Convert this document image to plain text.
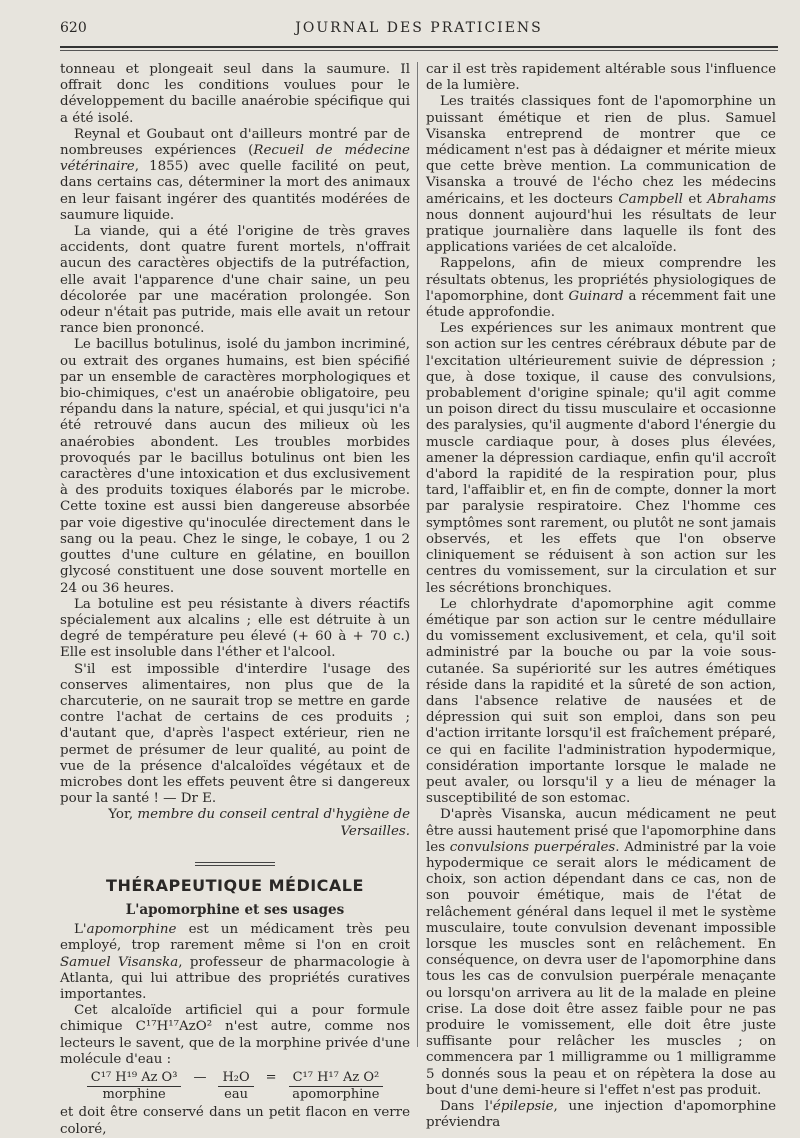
620	JOURNAL DES PRATICIENS

tonneau et plongeait seul dans la saumure. Il offrait donc les conditions voulues pour le développement du bacille anaérobie spécifique qui a été isolé.

Reynal et Goubaut ont d'ailleurs montré par de nombreuses expériences (Recueil de médecine vétérinaire, 1855) avec quelle facilité on peut, dans certains cas, déterminer la mort des animaux en leur faisant ingérer des quantités modérées de saumure liquide.

La viande, qui a été l'origine de très graves accidents, dont quatre furent mortels, n'offrait aucun des caractères objectifs de la putréfaction, elle avait l'apparence d'une chair saine, un peu décolorée par une macération prolongée. Son odeur n'était pas putride, mais elle avait un retour rance bien prononcé.

Le bacillus botulinus, isolé du jambon incriminé, ou extrait des organes humains, est bien spécifié par un ensemble de caractères morphologiques et bio-chimiques, c'est un anaérobie obligatoire, peu répandu dans la nature, spécial, et qui jusqu'ici n'a été retrouvé dans aucun des milieux où les anaérobies abondent. Les troubles morbides provoqués par le bacillus botulinus ont bien les caractères d'une intoxication et dus exclusivement à des produits toxiques élaborés par le microbe. Cette toxine est aussi bien dangereuse absorbée par voie digestive qu'inoculée directement dans le sang ou la peau. Chez le singe, le cobaye, 1 ou 2 gouttes d'une culture en gélatine, en bouillon glycosé constituent une dose souvent mortelle en 24 ou 36 heures.

La botuline est peu résistante à divers réactifs spécialement aux alcalins ; elle est détruite à un degré de température peu élevé (+ 60 à + 70 c.) Elle est insoluble dans l'éther et l'alcool.

S'il est impossible d'interdire l'usage des conserves alimentaires, non plus que de la charcuterie, on ne saurait trop se mettre en garde contre l'achat de certains de ces produits ; d'autant que, d'après l'aspect extérieur, rien ne permet de présumer de leur qualité, au point de vue de la présence d'alcaloïdes végétaux et de microbes dont les effets peuvent être si dangereux pour la santé ! — Dr E.

Yor, membre du conseil central d'hygiène de Versailles.

THÉRAPEUTIQUE MÉDICALE
L'apomorphine et ses usages

L'apomorphine est un médicament très peu employé, trop rarement même si l'on en croit Samuel Visanska, professeur de pharmacologie à Atlanta, qui lui attribue des propriétés curatives importantes.

Cet alcaloïde artificiel qui a pour formule chimique C¹⁷H¹⁷AzO² n'est autre, comme nos lecteurs le savent, que de la morphine privée d'une molécule d'eau :

C¹⁷ H¹⁹ Az O³
morphine
—	H₂O
eau
=	C¹⁷ H¹⁷ Az O²
apomorphine

et doit être conservé dans un petit flacon en verre coloré,

car il est très rapidement altérable sous l'influence de la lumière.

Les traités classiques font de l'apomorphine un puissant émétique et rien de plus. Samuel Visanska entreprend de montrer que ce médicament n'est pas à dédaigner et mérite mieux que cette brève mention. La communication de Visanska a trouvé de l'écho chez les médecins américains, et les docteurs Campbell et Abrahams nous donnent aujourd'hui les résultats de leur pratique journalière dans laquelle ils font des applications variées de cet alcaloïde.

Rappelons, afin de mieux comprendre les résultats obtenus, les propriétés physiologiques de l'apomorphine, dont Guinard a récemment fait une étude approfondie.

Les expériences sur les animaux montrent que son action sur les centres cérébraux débute par de l'excitation ultérieurement suivie de dépression ; que, à dose toxique, il cause des convulsions, probablement d'origine spinale; qu'il agit comme un poison direct du tissu musculaire et occasionne des paralysies, qu'il augmente d'abord l'énergie du muscle cardiaque pour, à doses plus élevées, amener la dépression cardiaque, enfin qu'il accroît d'abord la rapidité de la respiration pour, plus tard, l'affaiblir et, en fin de compte, donner la mort par paralysie respiratoire. Chez l'homme ces symptômes sont rarement, ou plutôt ne sont jamais observés, et les effets que l'on observe cliniquement se réduisent à son action sur les centres du vomissement, sur la circulation et sur les sécrétions bronchiques.

Le chlorhydrate d'apomorphine agit comme émétique par son action sur le centre médullaire du vomissement exclusivement, et cela, qu'il soit administré par la bouche ou par la voie sous-cutanée. Sa supériorité sur les autres émétiques réside dans la rapidité et la sûreté de son action, dans l'absence relative de nausées et de dépression qui suit son emploi, dans son peu d'action irritante lorsqu'il est fraîchement préparé, ce qui en facilite l'administration hypodermique, considération importante lorsque le malade ne peut avaler, ou lorsqu'il y a lieu de ménager la susceptibilité de son estomac.

D'après Visanska, aucun médicament ne peut être aussi hautement prisé que l'apomorphine dans les convulsions puerpérales. Administré par la voie hypodermique ce serait alors le médicament de choix, son action dépendant dans ce cas, non de son pouvoir émétique, mais de l'état de relâchement général dans lequel il met le système musculaire, toute convulsion devenant impossible lorsque les muscles sont en relâchement. En conséquence, on devra user de l'apomorphine dans tous les cas de convulsion puerpérale menaçante ou lorsqu'on arrivera au lit de la malade en pleine crise. La dose doit être assez faible pour ne pas produire le vomissement, elle doit être juste suffisante pour relâcher les muscles ; on commencera par 1 milligramme ou 1 milligramme 5 donnés sous la peau et on répètera la dose au bout d'une demi-heure si l'effet n'est pas produit.

Dans l'épilepsie, une injection d'apomorphine préviendra
